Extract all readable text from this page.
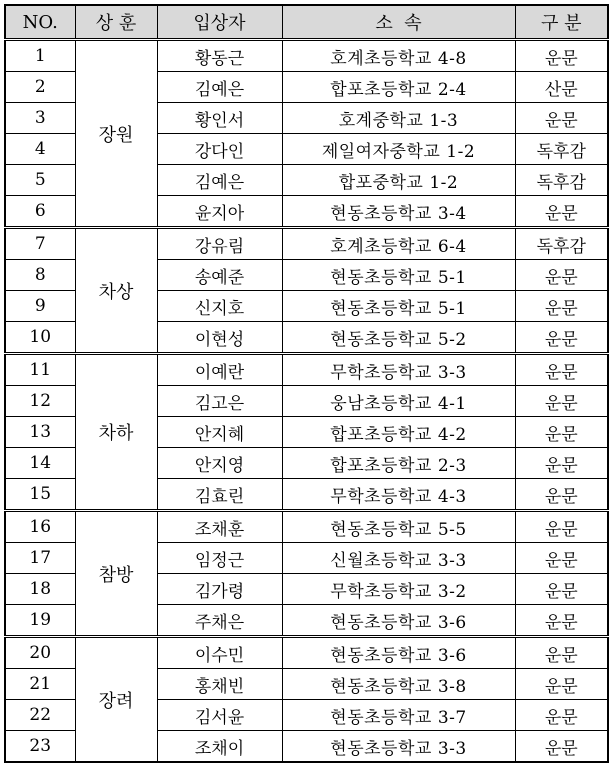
NO.	상 훈	입상자	소  속	구 분
1	장원	황동근	호계초등학교 4-8	운문
2		김예은	합포초등학교 2-4	산문
3		황인서	호계중학교 1-3	운문
4		강다인	제일여자중학교 1-2	독후감
5		김예은	합포중학교 1-2	독후감
6		윤지아	현동초등학교 3-4	운문
7	차상	강유림	호계초등학교 6-4	독후감
8		송예준	현동초등학교 5-1	운문
9		신지호	현동초등학교 5-1	운문
10		이현성	현동초등학교 5-2	운문
11	차하	이예란	무학초등학교 3-3	운문
12		김고은	웅남초등학교 4-1	운문
13		안지혜	합포초등학교 4-2	운문
14		안지영	합포초등학교 2-3	운문
15		김효린	무학초등학교 4-3	운문
16	참방	조채훈	현동초등학교 5-5	운문
17		임정근	신월초등학교 3-3	운문
18		김가령	무학초등학교 3-2	운문
19		주채은	현동초등학교 3-6	운문
20	장려	이수민	현동초등학교 3-6	운문
21		홍채빈	현동초등학교 3-8	운문
22		김서윤	현동초등학교 3-7	운문
23		조채이	현동초등학교 3-3	운문
